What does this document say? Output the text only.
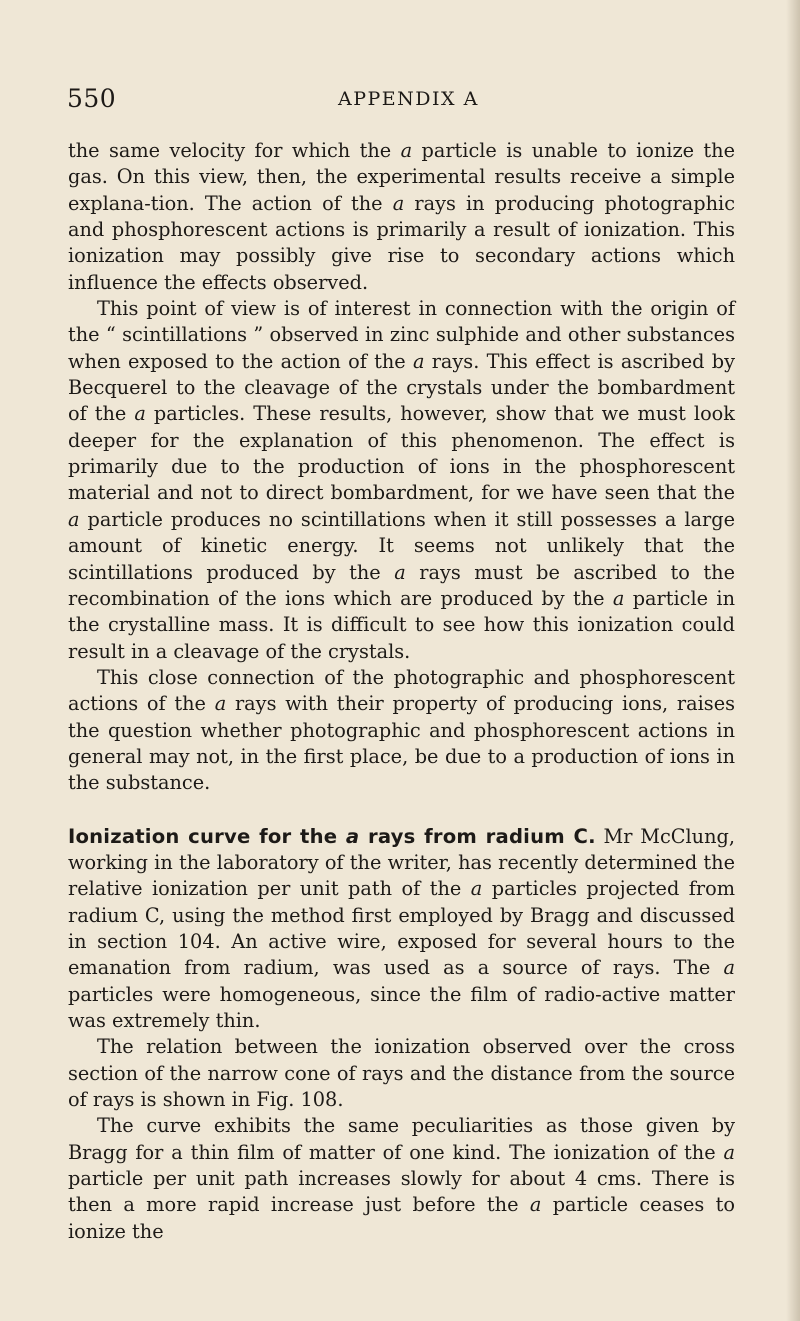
550	APPENDIX A

the same velocity for which the a particle is unable to ionize the gas. On this view, then, the experimental results receive a simple explana‑tion. The action of the a rays in producing photographic and phosphorescent actions is primarily a result of ionization. This ionization may possibly give rise to secondary actions which influence the effects observed.

This point of view is of interest in connection with the origin of the “ scintillations ” observed in zinc sulphide and other substances when exposed to the action of the a rays. This effect is ascribed by Becquerel to the cleavage of the crystals under the bombardment of the a particles. These results, however, show that we must look deeper for the explanation of this phenomenon. The effect is primarily due to the production of ions in the phosphorescent material and not to direct bombardment, for we have seen that the a particle produces no scintillations when it still possesses a large amount of kinetic energy. It seems not unlikely that the scintillations produced by the a rays must be ascribed to the recombination of the ions which are produced by the a particle in the crystalline mass. It is difficult to see how this ionization could result in a cleavage of the crystals.

This close connection of the photographic and phosphorescent actions of the a rays with their property of producing ions, raises the question whether photographic and phosphorescent actions in general may not, in the first place, be due to a production of ions in the substance.

Ionization curve for the a rays from radium C. Mr McClung, working in the laboratory of the writer, has recently determined the relative ionization per unit path of the a particles projected from radium C, using the method first employed by Bragg and discussed in section 104. An active wire, exposed for several hours to the emanation from radium, was used as a source of rays. The a particles were homogeneous, since the film of radio-active matter was extremely thin.

The relation between the ionization observed over the cross section of the narrow cone of rays and the distance from the source of rays is shown in Fig. 108.

The curve exhibits the same peculiarities as those given by Bragg for a thin film of matter of one kind. The ionization of the a particle per unit path increases slowly for about 4 cms. There is then a more rapid increase just before the a particle ceases to ionize the
